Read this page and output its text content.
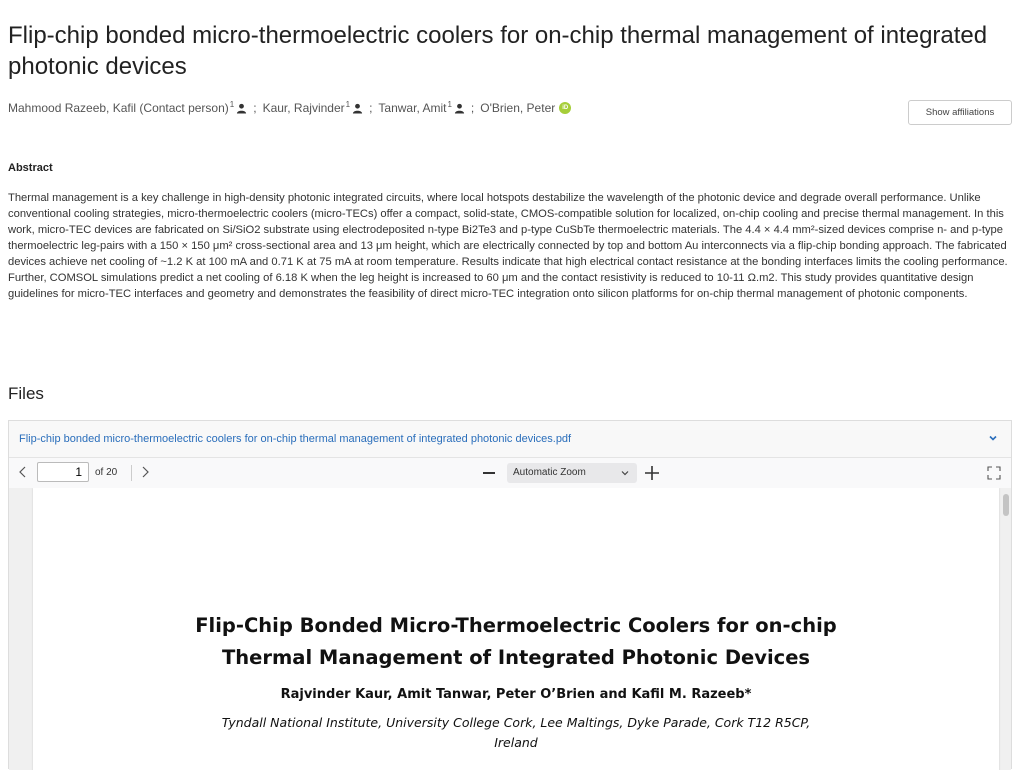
Flip-chip bonded micro-thermoelectric coolers for on-chip thermal management of integrated photonic devices
Mahmood Razeeb, Kafil (Contact person) 1 ; Kaur, Rajvinder 1 ; Tanwar, Amit 1 ; O'Brien, Peter	iD	Show affiliations
Abstract

Thermal management is a key challenge in high-density photonic integrated circuits, where local hotspots destabilize the wavelength of the photonic device and degrade overall performance. Unlike conventional cooling strategies, micro-thermoelectric coolers (micro-TECs) offer a compact, solid-state, CMOS-compatible solution for localized, on-chip cooling and precise thermal management. In this work, micro-TEC devices are fabricated on Si/SiO2 substrate using electrodeposited n-type Bi2Te3 and p-type CuSbTe thermoelectric materials. The 4.4 × 4.4 mm²-sized devices comprise n- and p-type thermoelectric leg-pairs with a 150 × 150 μm² cross-sectional area and 13 μm height, which are electrically connected by top and bottom Au interconnects via a flip-chip bonding approach. The fabricated devices achieve net cooling of ~1.2 K at 100 mA and 0.71 K at 75 mA at room temperature. Results indicate that high electrical contact resistance at the bonding interfaces limits the cooling performance. Further, COMSOL simulations predict a net cooling of 6.18 K when the leg height is increased to 60 μm and the contact resistivity is reduced to 10-11 Ω.m2. This study provides quantitative design guidelines for micro-TEC interfaces and geometry and demonstrates the feasibility of direct micro-TEC integration onto silicon platforms for on-chip thermal management of photonic components.

Files
Flip-chip bonded micro-thermoelectric coolers for on-chip thermal management of integrated photonic devices.pdf
1
of 20	Automatic Zoom
Flip-Chip Bonded Micro-Thermoelectric Coolers for on-chip
Thermal Management of Integrated Photonic Devices
Rajvinder Kaur, Amit Tanwar, Peter O’Brien and Kafil M. Razeeb*
Tyndall National Institute, University College Cork, Lee Maltings, Dyke Parade, Cork T12 R5CP,
Ireland
